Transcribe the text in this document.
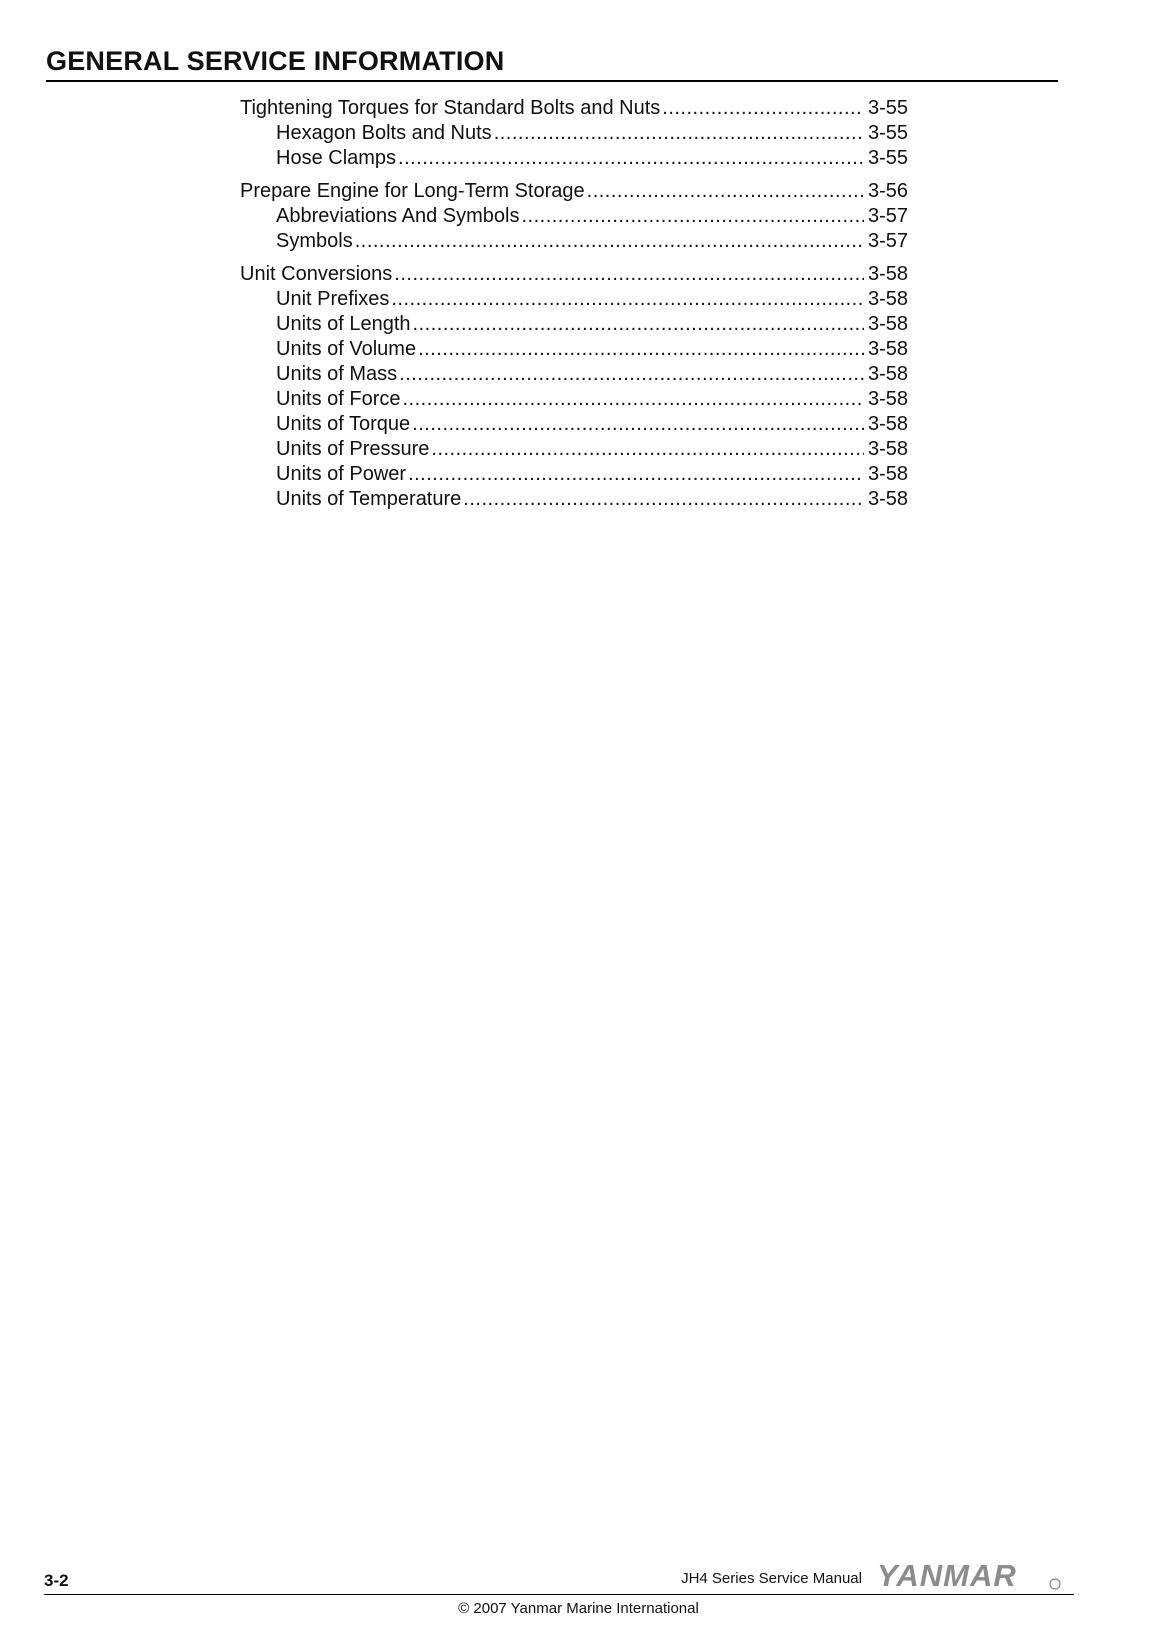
GENERAL SERVICE INFORMATION
Tightening Torques for Standard Bolts and Nuts .....	3-55
Hexagon Bolts and Nuts .....	3-55
Hose Clamps .....	3-55
Prepare Engine for Long-Term Storage .....	3-56
Abbreviations And Symbols .....	3-57
Symbols .....	3-57
Unit Conversions .....	3-58
Unit Prefixes .....	3-58
Units of Length .....	3-58
Units of Volume .....	3-58
Units of Mass .....	3-58
Units of Force .....	3-58
Units of Torque .....	3-58
Units of Pressure .....	3-58
Units of Power .....	3-58
Units of Temperature .....	3-58
3-2	JH4 Series Service Manual YANMAR
© 2007 Yanmar Marine International
